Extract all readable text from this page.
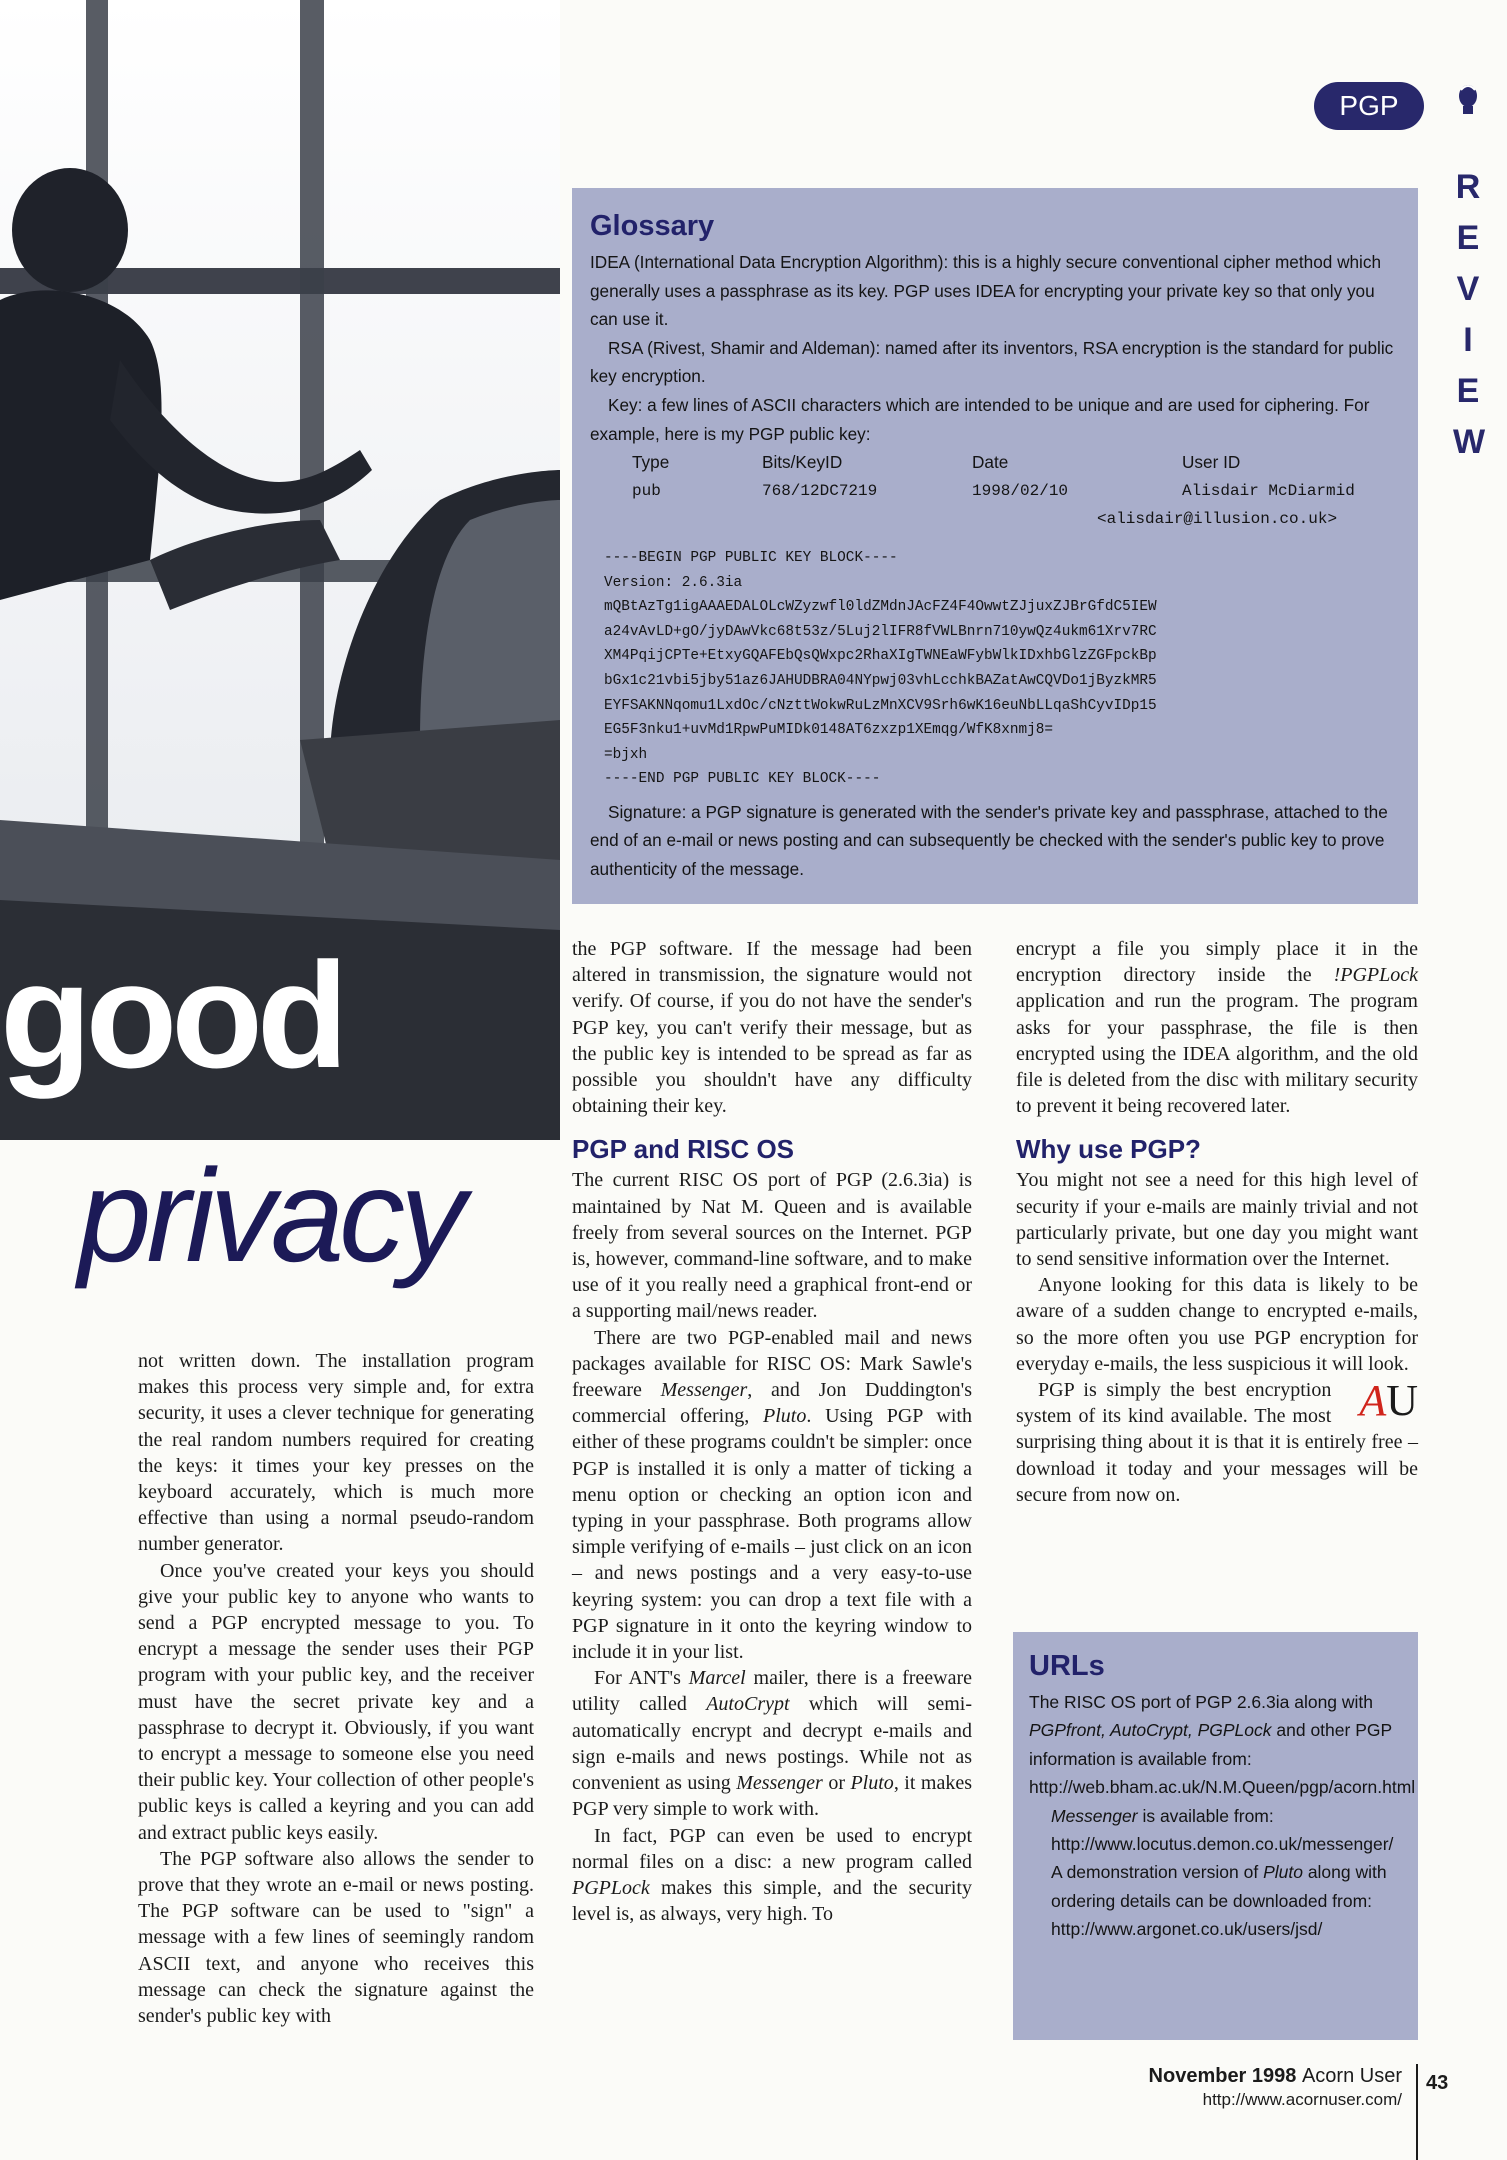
good
privacy
PGP
REVIEW
Glossary

IDEA (International Data Encryption Algorithm): this is a highly secure conventional cipher method which generally uses a passphrase as its key. PGP uses IDEA for encrypting your private key so that only you can use it.

RSA (Rivest, Shamir and Aldeman): named after its inventors, RSA encryption is the standard for public key encryption.

Key: a few lines of ASCII characters which are intended to be unique and are used for ciphering. For example, here is my PGP public key:

Type	Bits/KeyID	Date	User ID
pub	768/12DC7219	1998/02/10	Alisdair McDiarmid
<alisdair@illusion.co.uk>
----BEGIN PGP PUBLIC KEY BLOCK----
Version: 2.6.3ia
mQBtAzTg1igAAAEDALOLcWZyzwfl0ldZMdnJAcFZ4F4OwwtZJjuxZJBrGfdC5IEW
a24vAvLD+gO/jyDAwVkc68t53z/5Luj2lIFR8fVWLBnrn710ywQz4ukm61Xrv7RC
XM4PqijCPTe+EtxyGQAFEbQsQWxpc2RhaXIgTWNEaWFybWlkIDxhbGlzZGFpckBp
bGx1c21vbi5jby51az6JAHUDBRA04NYpwj03vhLcchkBAZatAwCQVDo1jByzkMR5
EYFSAKNNqomu1LxdOc/cNzttWokwRuLzMnXCV9Srh6wK16euNbLLqaShCyvIDp15
EG5F3nku1+uvMd1RpwPuMIDk0148AT6zxzp1XEmqg/WfK8xnmj8=
=bjxh
----END PGP PUBLIC KEY BLOCK----

Signature: a PGP signature is generated with the sender's private key and passphrase, attached to the end of an e-mail or news posting and can subsequently be checked with the sender's public key to prove authenticity of the message.

not written down. The installation program makes this process very simple and, for extra security, it uses a clever technique for generating the real random numbers required for creating the keys: it times your key presses on the keyboard accurately, which is much more effective than using a normal pseudo-random number generator.

Once you've created your keys you should give your public key to anyone who wants to send a PGP encrypted message to you. To encrypt a message the sender uses their PGP program with your public key, and the receiver must have the secret private key and a passphrase to decrypt it. Obviously, if you want to encrypt a message to someone else you need their public key. Your collection of other people's public keys is called a keyring and you can add and extract public keys easily.

The PGP software also allows the sender to prove that they wrote an e-mail or news posting. The PGP software can be used to "sign" a message with a few lines of seemingly random ASCII text, and anyone who receives this message can check the signature against the sender's public key with

the PGP software. If the message had been altered in transmission, the signature would not verify. Of course, if you do not have the sender's PGP key, you can't verify their message, but as the public key is intended to be spread as far as possible you shouldn't have any difficulty obtaining their key.

PGP and RISC OS

The current RISC OS port of PGP (2.6.3ia) is maintained by Nat M. Queen and is available freely from several sources on the Internet. PGP is, however, command-line software, and to make use of it you really need a graphical front-end or a supporting mail/news reader.

There are two PGP-enabled mail and news packages available for RISC OS: Mark Sawle's freeware Messenger, and Jon Duddington's commercial offering, Pluto. Using PGP with either of these programs couldn't be simpler: once PGP is installed it is only a matter of ticking a menu option or checking an option icon and typing in your passphrase. Both programs allow simple verifying of e-mails – just click on an icon – and news postings and a very easy-to-use keyring system: you can drop a text file with a PGP signature in it onto the keyring window to include it in your list.

For ANT's Marcel mailer, there is a freeware utility called AutoCrypt which will semi-automatically encrypt and decrypt e-mails and sign e-mails and news postings. While not as convenient as using Messenger or Pluto, it makes PGP very simple to work with.

In fact, PGP can even be used to encrypt normal files on a disc: a new program called PGPLock makes this simple, and the security level is, as always, very high. To

encrypt a file you simply place it in the encryption directory inside the !PGPLock application and run the program. The program asks for your passphrase, the file is then encrypted using the IDEA algorithm, and the old file is deleted from the disc with military security to prevent it being recovered later.

Why use PGP?

You might not see a need for this high level of security if your e-mails are mainly trivial and not particularly private, but one day you might want to send sensitive information over the Internet.

Anyone looking for this data is likely to be aware of a sudden change to encrypted e-mails, so the more often you use PGP encryption for everyday e-mails, the less suspicious it will look.

AU
PGP is simply the best encryption system of its kind available. The most surprising thing about it is that it is entirely free – download it today and your messages will be secure from now on.

URLs

The RISC OS port of PGP 2.6.3ia along with PGPfront, AutoCrypt, PGPLock and other PGP information is available from:

http://web.bham.ac.uk/N.M.Queen/pgp/acorn.html

Messenger is available from:

http://www.locutus.demon.co.uk/messenger/

A demonstration version of Pluto along with ordering details can be downloaded from:

http://www.argonet.co.uk/users/jsd/

November 1998 Acorn User
http://www.acornuser.com/
43
